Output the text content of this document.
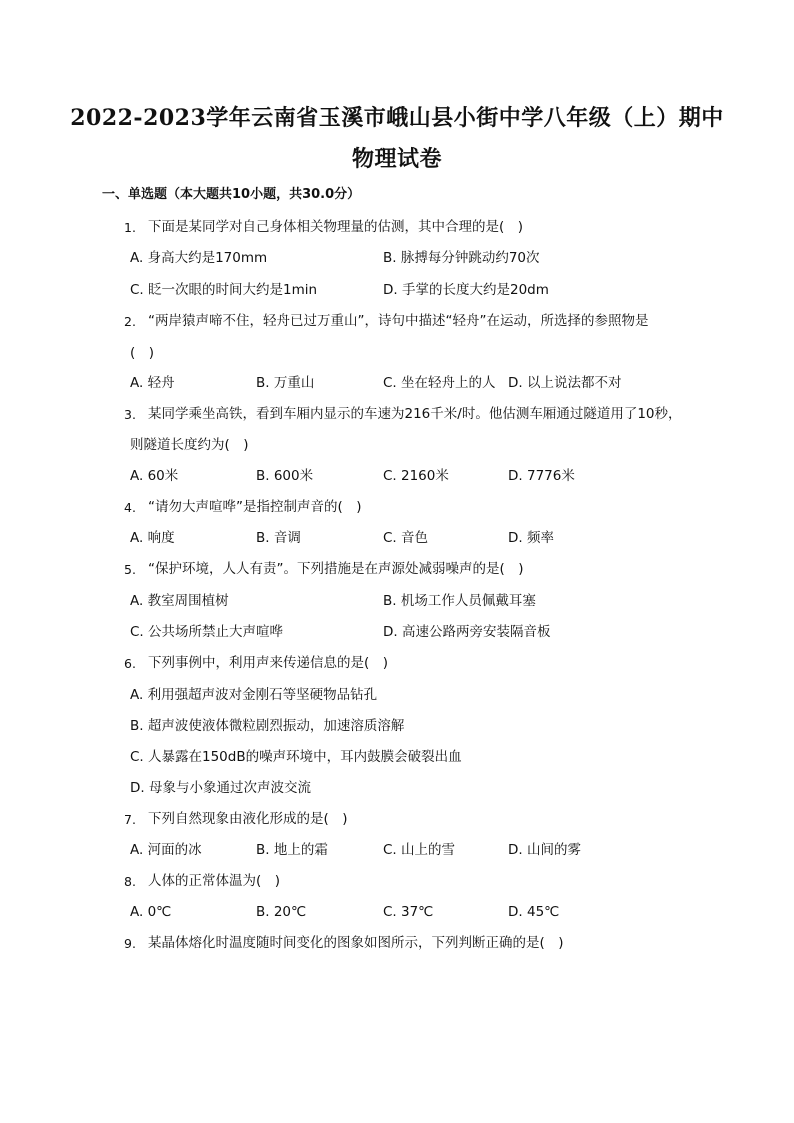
2022-2023学年云南省玉溪市峨山县小街中学八年级（上）期中
物理试卷
一、单选题（本大题共10小题，共30.0分）
1. 下面是某同学对自己身体相关物理量的估测，其中合理的是(　)
A. 身高大约是170mm	B. 脉搏每分钟跳动约70次
C. 眨一次眼的时间大约是1min	D. 手掌的长度大约是20dm
2. “两岸猿声啼不住，轻舟已过万重山”，诗句中描述“轻舟”在运动，所选择的参照物是
(　)
A. 轻舟	B. 万重山	C. 坐在轻舟上的人 D. 以上说法都不对
3. 某同学乘坐高铁，看到车厢内显示的车速为216千米/时。他估测车厢通过隧道用了10秒，
则隧道长度约为(　)
A. 60米	B. 600米	C. 2160米	D. 7776米
4. “请勿大声喧哗”是指控制声音的(　)
A. 响度	B. 音调	C. 音色	D. 频率
5. “保护环境，人人有责”。下列措施是在声源处减弱噪声的是(　)
A. 教室周围植树	B. 机场工作人员佩戴耳塞
C. 公共场所禁止大声喧哗	D. 高速公路两旁安装隔音板
6. 下列事例中，利用声来传递信息的是(　)
A. 利用强超声波对金刚石等坚硬物品钻孔
B. 超声波使液体微粒剧烈振动，加速溶质溶解
C. 人暴露在150dB的噪声环境中，耳内鼓膜会破裂出血
D. 母象与小象通过次声波交流
7. 下列自然现象由液化形成的是(　)
A. 河面的冰	B. 地上的霜	C. 山上的雪	D. 山间的雾
8. 人体的正常体温为(　)
A. 0℃	B. 20℃	C. 37℃	D. 45℃
9. 某晶体熔化时温度随时间变化的图象如图所示，下列判断正确的是(　)
